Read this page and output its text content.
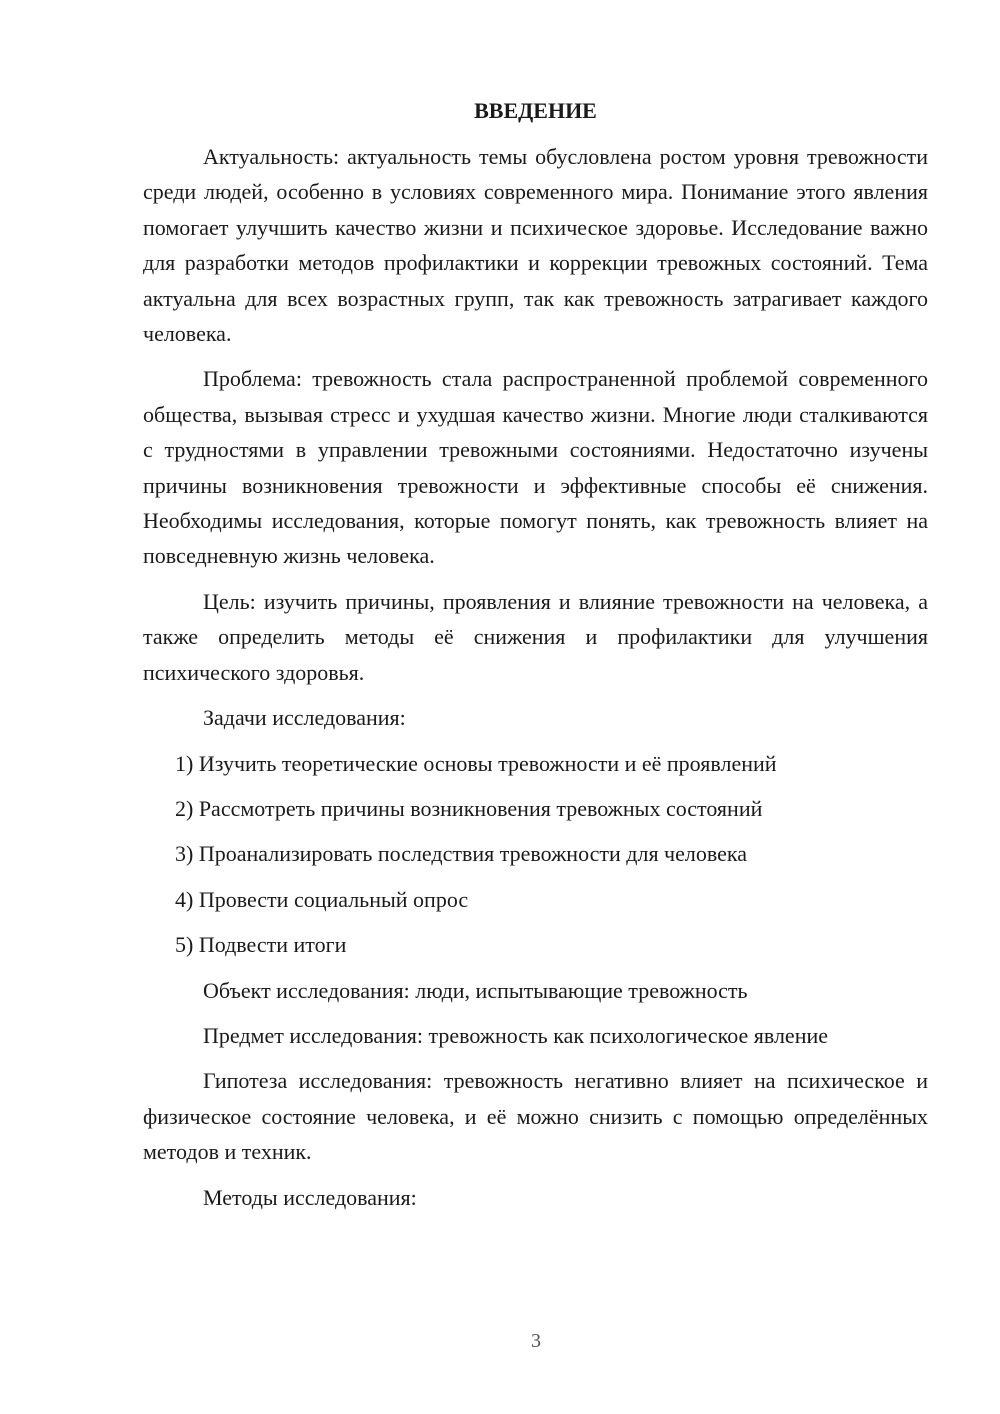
ВВЕДЕНИЕ

Актуальность: актуальность темы обусловлена ростом уровня тревожности среди людей, особенно в условиях современного мира. Понимание этого явления помогает улучшить качество жизни и психическое здоровье. Исследование важно для разработки методов профилактики и коррекции тревожных состояний. Тема актуальна для всех возрастных групп, так как тревожность затрагивает каждого человека.

Проблема: тревожность стала распространенной проблемой современного общества, вызывая стресс и ухудшая качество жизни. Многие люди сталкиваются с трудностями в управлении тревожными состояниями. Недостаточно изучены причины возникновения тревожности и эффективные способы её снижения. Необходимы исследования, которые помогут понять, как тревожность влияет на повседневную жизнь человека.

Цель: изучить причины, проявления и влияние тревожности на человека, а также определить методы её снижения и профилактики для улучшения психического здоровья.

Задачи исследования:
1) Изучить теоретические основы тревожности и её проявлений
2) Рассмотреть причины возникновения тревожных состояний
3) Проанализировать последствия тревожности для человека
4) Провести социальный опрос
5) Подвести итоги
Объект исследования: люди, испытывающие тревожность
Предмет исследования: тревожность как психологическое явление

Гипотеза исследования: тревожность негативно влияет на психическое и физическое состояние человека, и её можно снизить с помощью определённых методов и техник.

Методы исследования:
3
